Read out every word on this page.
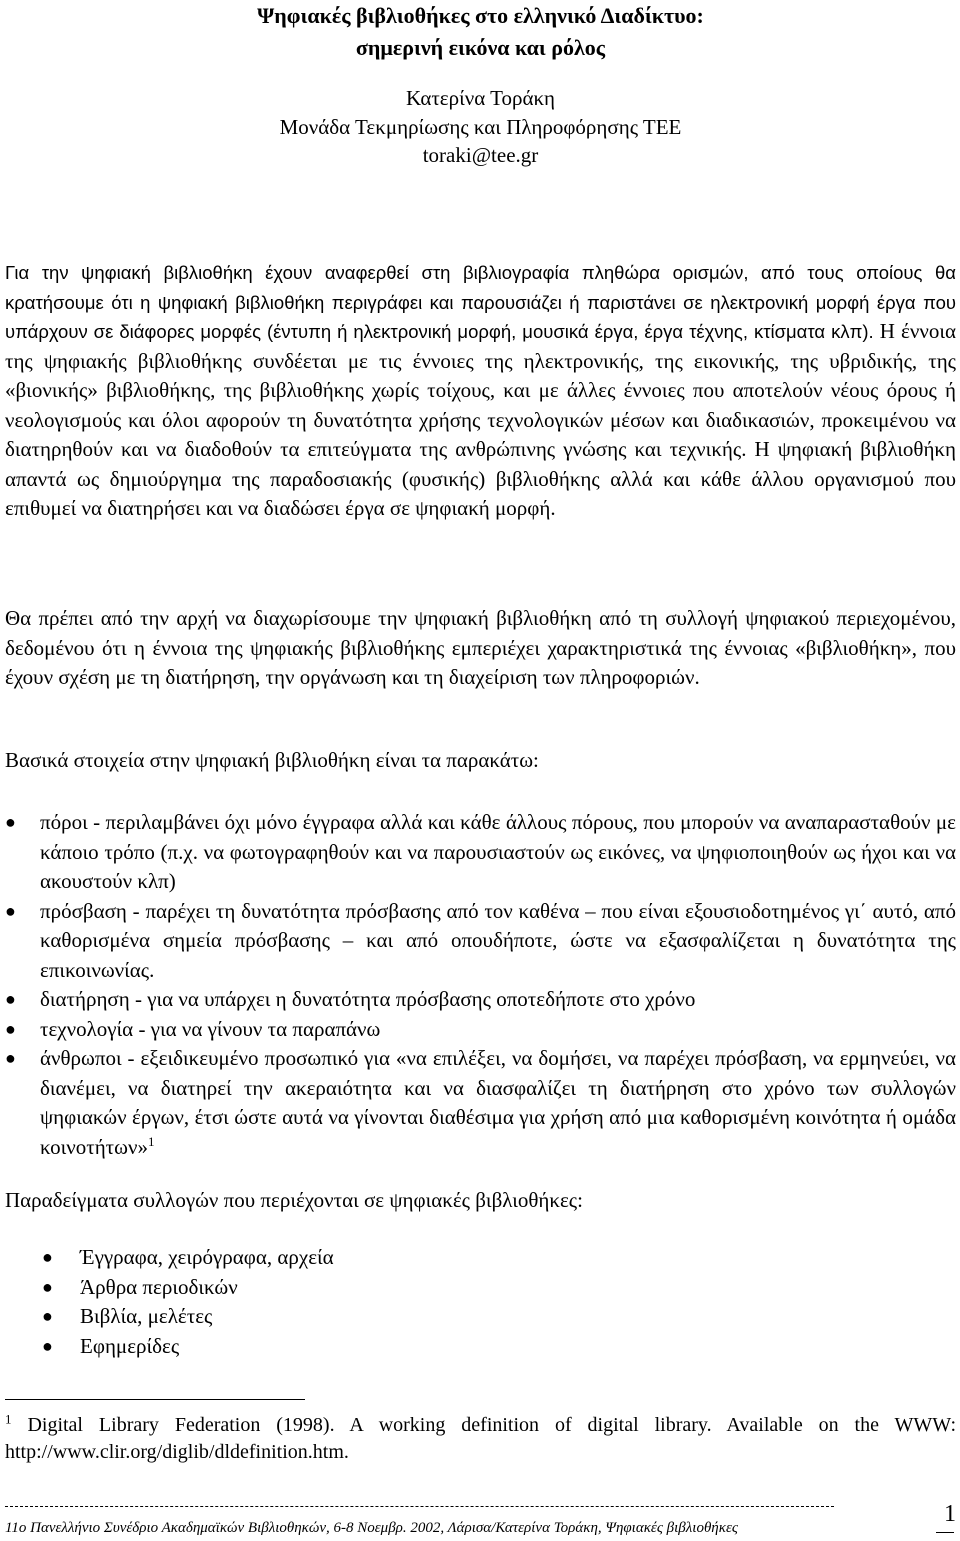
Ψηφιακές βιβλιοθήκες στο ελληνικό Διαδίκτυο:
σημερινή εικόνα και ρόλος
Κατερίνα Τοράκη
Μονάδα Τεκμηρίωσης και Πληροφόρησης ΤΕΕ
toraki@tee.gr

Για την ψηφιακή βιβλιοθήκη έχουν αναφερθεί στη βιβλιογραφία πληθώρα ορισμών, από τους οποίους θα κρατήσουμε ότι η ψηφιακή βιβλιοθήκη περιγράφει και παρουσιάζει ή παριστάνει σε ηλεκτρονική μορφή έργα που υπάρχουν σε διάφορες μορφές (έντυπη ή ηλεκτρονική μορφή, μουσικά έργα, έργα τέχνης, κτίσματα κλπ). Η έννοια της ψηφιακής βιβλιοθήκης συνδέεται με τις έννοιες της ηλεκτρονικής, της εικονικής, της υβριδικής, της «βιονικής» βιβλιοθήκης, της βιβλιοθήκης χωρίς τοίχους, και με άλλες έννοιες που αποτελούν νέους όρους ή νεολογισμούς και όλοι αφορούν τη δυνατότητα χρήσης τεχνολογικών μέσων και διαδικασιών, προκειμένου να διατηρηθούν και να διαδοθούν τα επιτεύγματα της ανθρώπινης γνώσης και τεχνικής. Η ψηφιακή βιβλιοθήκη απαντά ως δημιούργημα της παραδοσιακής (φυσικής) βιβλιοθήκης αλλά και κάθε άλλου οργανισμού που επιθυμεί να διατηρήσει και να διαδώσει έργα σε ψηφιακή μορφή.

Θα πρέπει από την αρχή να διαχωρίσουμε την ψηφιακή βιβλιοθήκη από τη συλλογή ψηφιακού περιεχομένου, δεδομένου ότι η έννοια της ψηφιακής βιβλιοθήκης εμπεριέχει χαρακτηριστικά της έννοιας «βιβλιοθήκη», που έχουν σχέση με τη διατήρηση, την οργάνωση και τη διαχείριση των πληροφοριών.

Βασικά στοιχεία στην ψηφιακή βιβλιοθήκη είναι τα παρακάτω:

● πόροι - περιλαμβάνει όχι μόνο έγγραφα αλλά και κάθε άλλους πόρους, που μπορούν να αναπαρασταθούν με κάποιο τρόπο (π.χ. να φωτογραφηθούν και να παρουσιαστούν ως εικόνες, να ψηφιοποιηθούν ως ήχοι και να ακουστούν κλπ)
● πρόσβαση - παρέχει τη δυνατότητα πρόσβασης από τον καθένα – που είναι εξουσιοδοτημένος γι΄ αυτό, από καθορισμένα σημεία πρόσβασης – και από οπουδήποτε, ώστε να εξασφαλίζεται η δυνατότητα της επικοινωνίας.
● διατήρηση - για να υπάρχει η δυνατότητα πρόσβασης οποτεδήποτε στο χρόνο
● τεχνολογία - για να γίνουν τα παραπάνω
● άνθρωποι - εξειδικευμένο προσωπικό για «να επιλέξει, να δομήσει, να παρέχει πρόσβαση, να ερμηνεύει, να διανέμει, να διατηρεί την ακεραιότητα και να διασφαλίζει τη διατήρηση στο χρόνο των συλλογών ψηφιακών έργων, έτσι ώστε αυτά να γίνονται διαθέσιμα για χρήση από μια καθορισμένη κοινότητα ή ομάδα κοινοτήτων»$^1$

Παραδείγματα συλλογών που περιέχονται σε ψηφιακές βιβλιοθήκες:

● Έγγραφα, χειρόγραφα, αρχεία
● Άρθρα περιοδικών
● Βιβλία, μελέτες
● Εφημερίδες

$^1$ Digital Library Federation (1998). A working definition of digital library. Available on the WWW: http://www.clir.org/diglib/dldefinition.htm.

11ο Πανελλήνιο Συνέδριο Ακαδημαϊκών Βιβλιοθηκών, 6-8 Νοεμβρ. 2002, Λάρισα/Κατερίνα Τοράκη, Ψηφιακές βιβλιοθήκες
1
